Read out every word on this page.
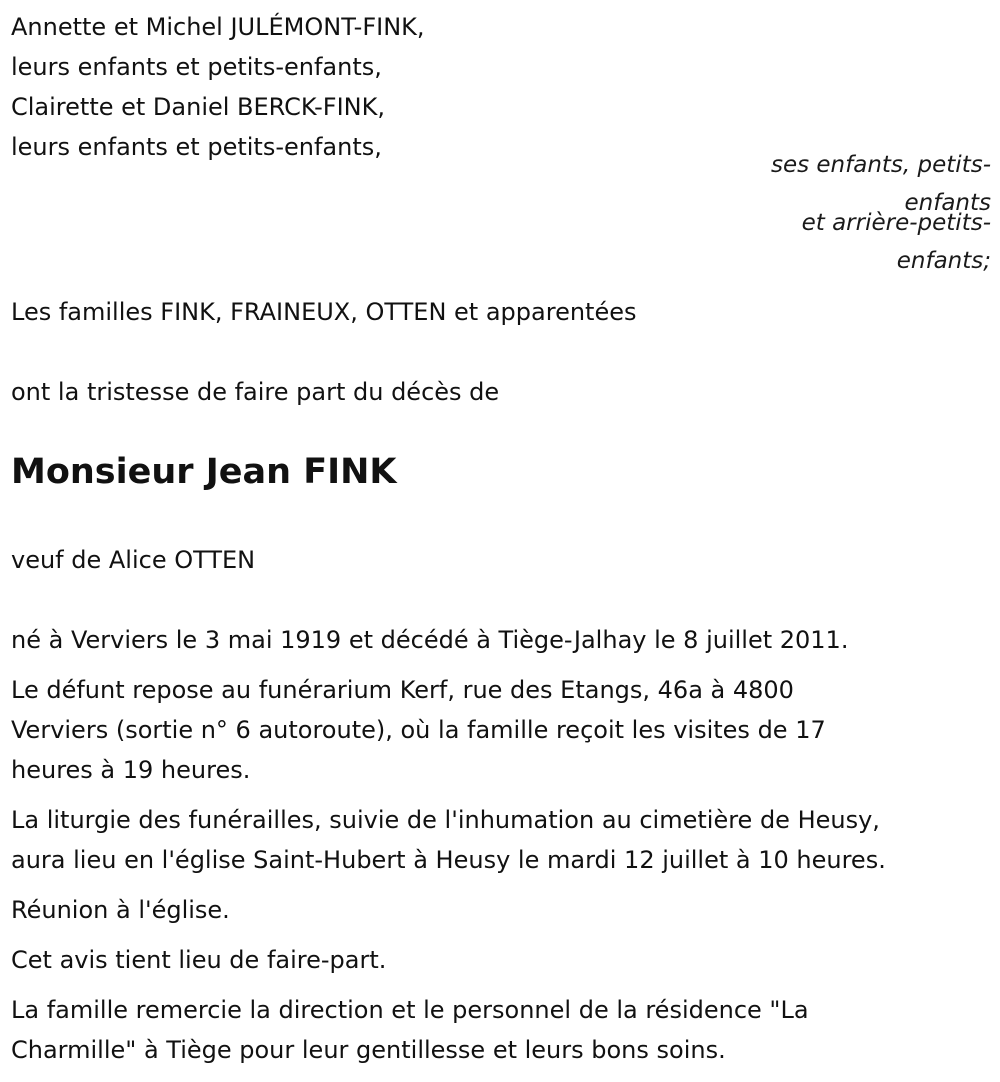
Annette et Michel JULÉMONT-FINK,
leurs enfants et petits-enfants,
Clairette et Daniel BERCK-FINK,
leurs enfants et petits-enfants,
ses enfants, petits-
enfants
et arrière-petits-
enfants;
Les familles FINK, FRAINEUX, OTTEN et apparentées
ont la tristesse de faire part du décès de
Monsieur Jean FINK
veuf de Alice OTTEN
né à Verviers le 3 mai 1919 et décédé à Tiège-Jalhay le 8 juillet 2011.
Le défunt repose au funérarium Kerf, rue des Etangs, 46a à 4800
Verviers (sortie n° 6 autoroute), où la famille reçoit les visites de 17
heures à 19 heures.
La liturgie des funérailles, suivie de l'inhumation au cimetière de Heusy,
aura lieu en l'église Saint-Hubert à Heusy le mardi 12 juillet à 10 heures.
Réunion à l'église.
Cet avis tient lieu de faire-part.
La famille remercie la direction et le personnel de la résidence "La
Charmille" à Tiège pour leur gentillesse et leurs bons soins.
